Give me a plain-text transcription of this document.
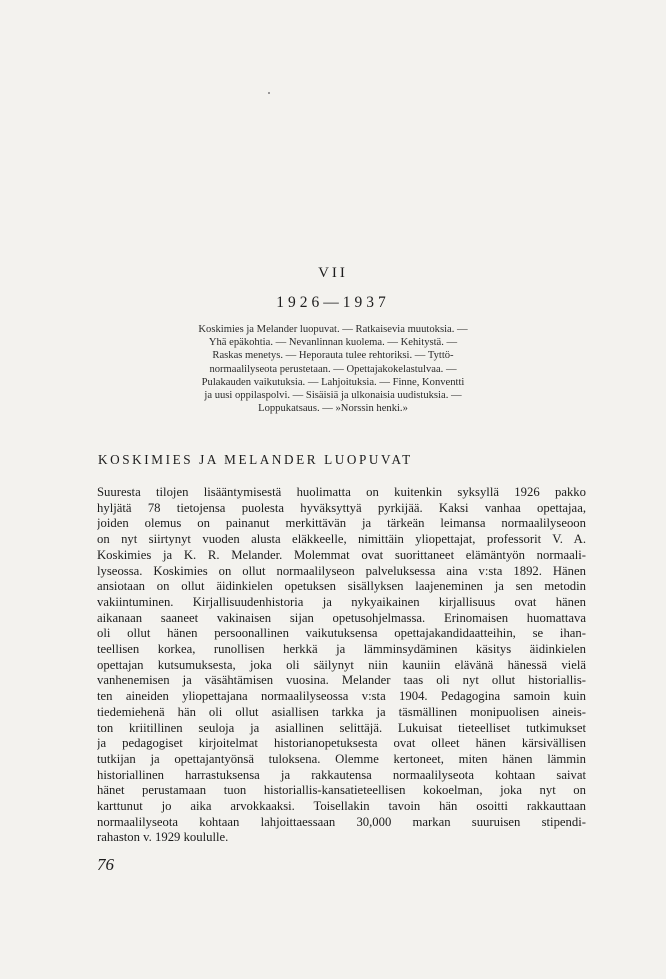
VII
1926—1937
Koskimies ja Melander luopuvat. — Ratkaisevia muutoksia. —
Yhä epäkohtia. — Nevanlinnan kuolema. — Kehitystä. —
Raskas menetys. — Heporauta tulee rehtoriksi. — Tyttö-
normaalilyseota perustetaan. — Opettajakokelastulvaa. —
Pulakauden vaikutuksia. — Lahjoituksia. — Finne, Konventti
ja uusi oppilaspolvi. — Sisäisiä ja ulkonaisia uudistuksia. —
Loppukatsaus. — »Norssin henki.»
KOSKIMIES JA MELANDER LUOPUVAT
Suuresta tilojen lisääntymisestä huolimatta on kuitenkin syksyllä 1926 pakko
hyljätä 78 tietojensa puolesta hyväksyttyä pyrkijää. Kaksi vanhaa opettajaa,
joiden olemus on painanut merkittävän ja tärkeän leimansa normaalilyseoon
on nyt siirtynyt vuoden alusta eläkkeelle, nimittäin yliopettajat, professorit V. A.
Koskimies ja K. R. Melander. Molemmat ovat suorittaneet elämäntyön normaali-
lyseossa. Koskimies on ollut normaalilyseon palveluksessa aina v:sta 1892. Hänen
ansiotaan on ollut äidinkielen opetuksen sisällyksen laajeneminen ja sen metodin
vakiintuminen. Kirjallisuudenhistoria ja nykyaikainen kirjallisuus ovat hänen
aikanaan saaneet vakinaisen sijan opetusohjelmassa. Erinomaisen huomattava
oli ollut hänen persoonallinen vaikutuksensa opettajakandidaatteihin, se ihan-
teellisen korkea, runollisen herkkä ja lämminsydäminen käsitys äidinkielen
opettajan kutsumuksesta, joka oli säilynyt niin kauniin elävänä hänessä vielä
vanhenemisen ja väsähtämisen vuosina. Melander taas oli nyt ollut historiallis-
ten aineiden yliopettajana normaalilyseossa v:sta 1904. Pedagogina samoin kuin
tiedemiehenä hän oli ollut asiallisen tarkka ja täsmällinen monipuolisen aineis-
ton kriitillinen seuloja ja asiallinen selittäjä. Lukuisat tieteelliset tutkimukset
ja pedagogiset kirjoitelmat historianopetuksesta ovat olleet hänen kärsivällisen
tutkijan ja opettajantyönsä tuloksena. Olemme kertoneet, miten hänen lämmin
historiallinen harrastuksensa ja rakkautensa normaalilyseota kohtaan saivat
hänet perustamaan tuon historiallis-kansatieteellisen kokoelman, joka nyt on
karttunut jo aika arvokkaaksi. Toisellakin tavoin hän osoitti rakkauttaan
normaalilyseota kohtaan lahjoittaessaan 30,000 markan suuruisen stipendi-
rahaston v. 1929 koululle.
76
